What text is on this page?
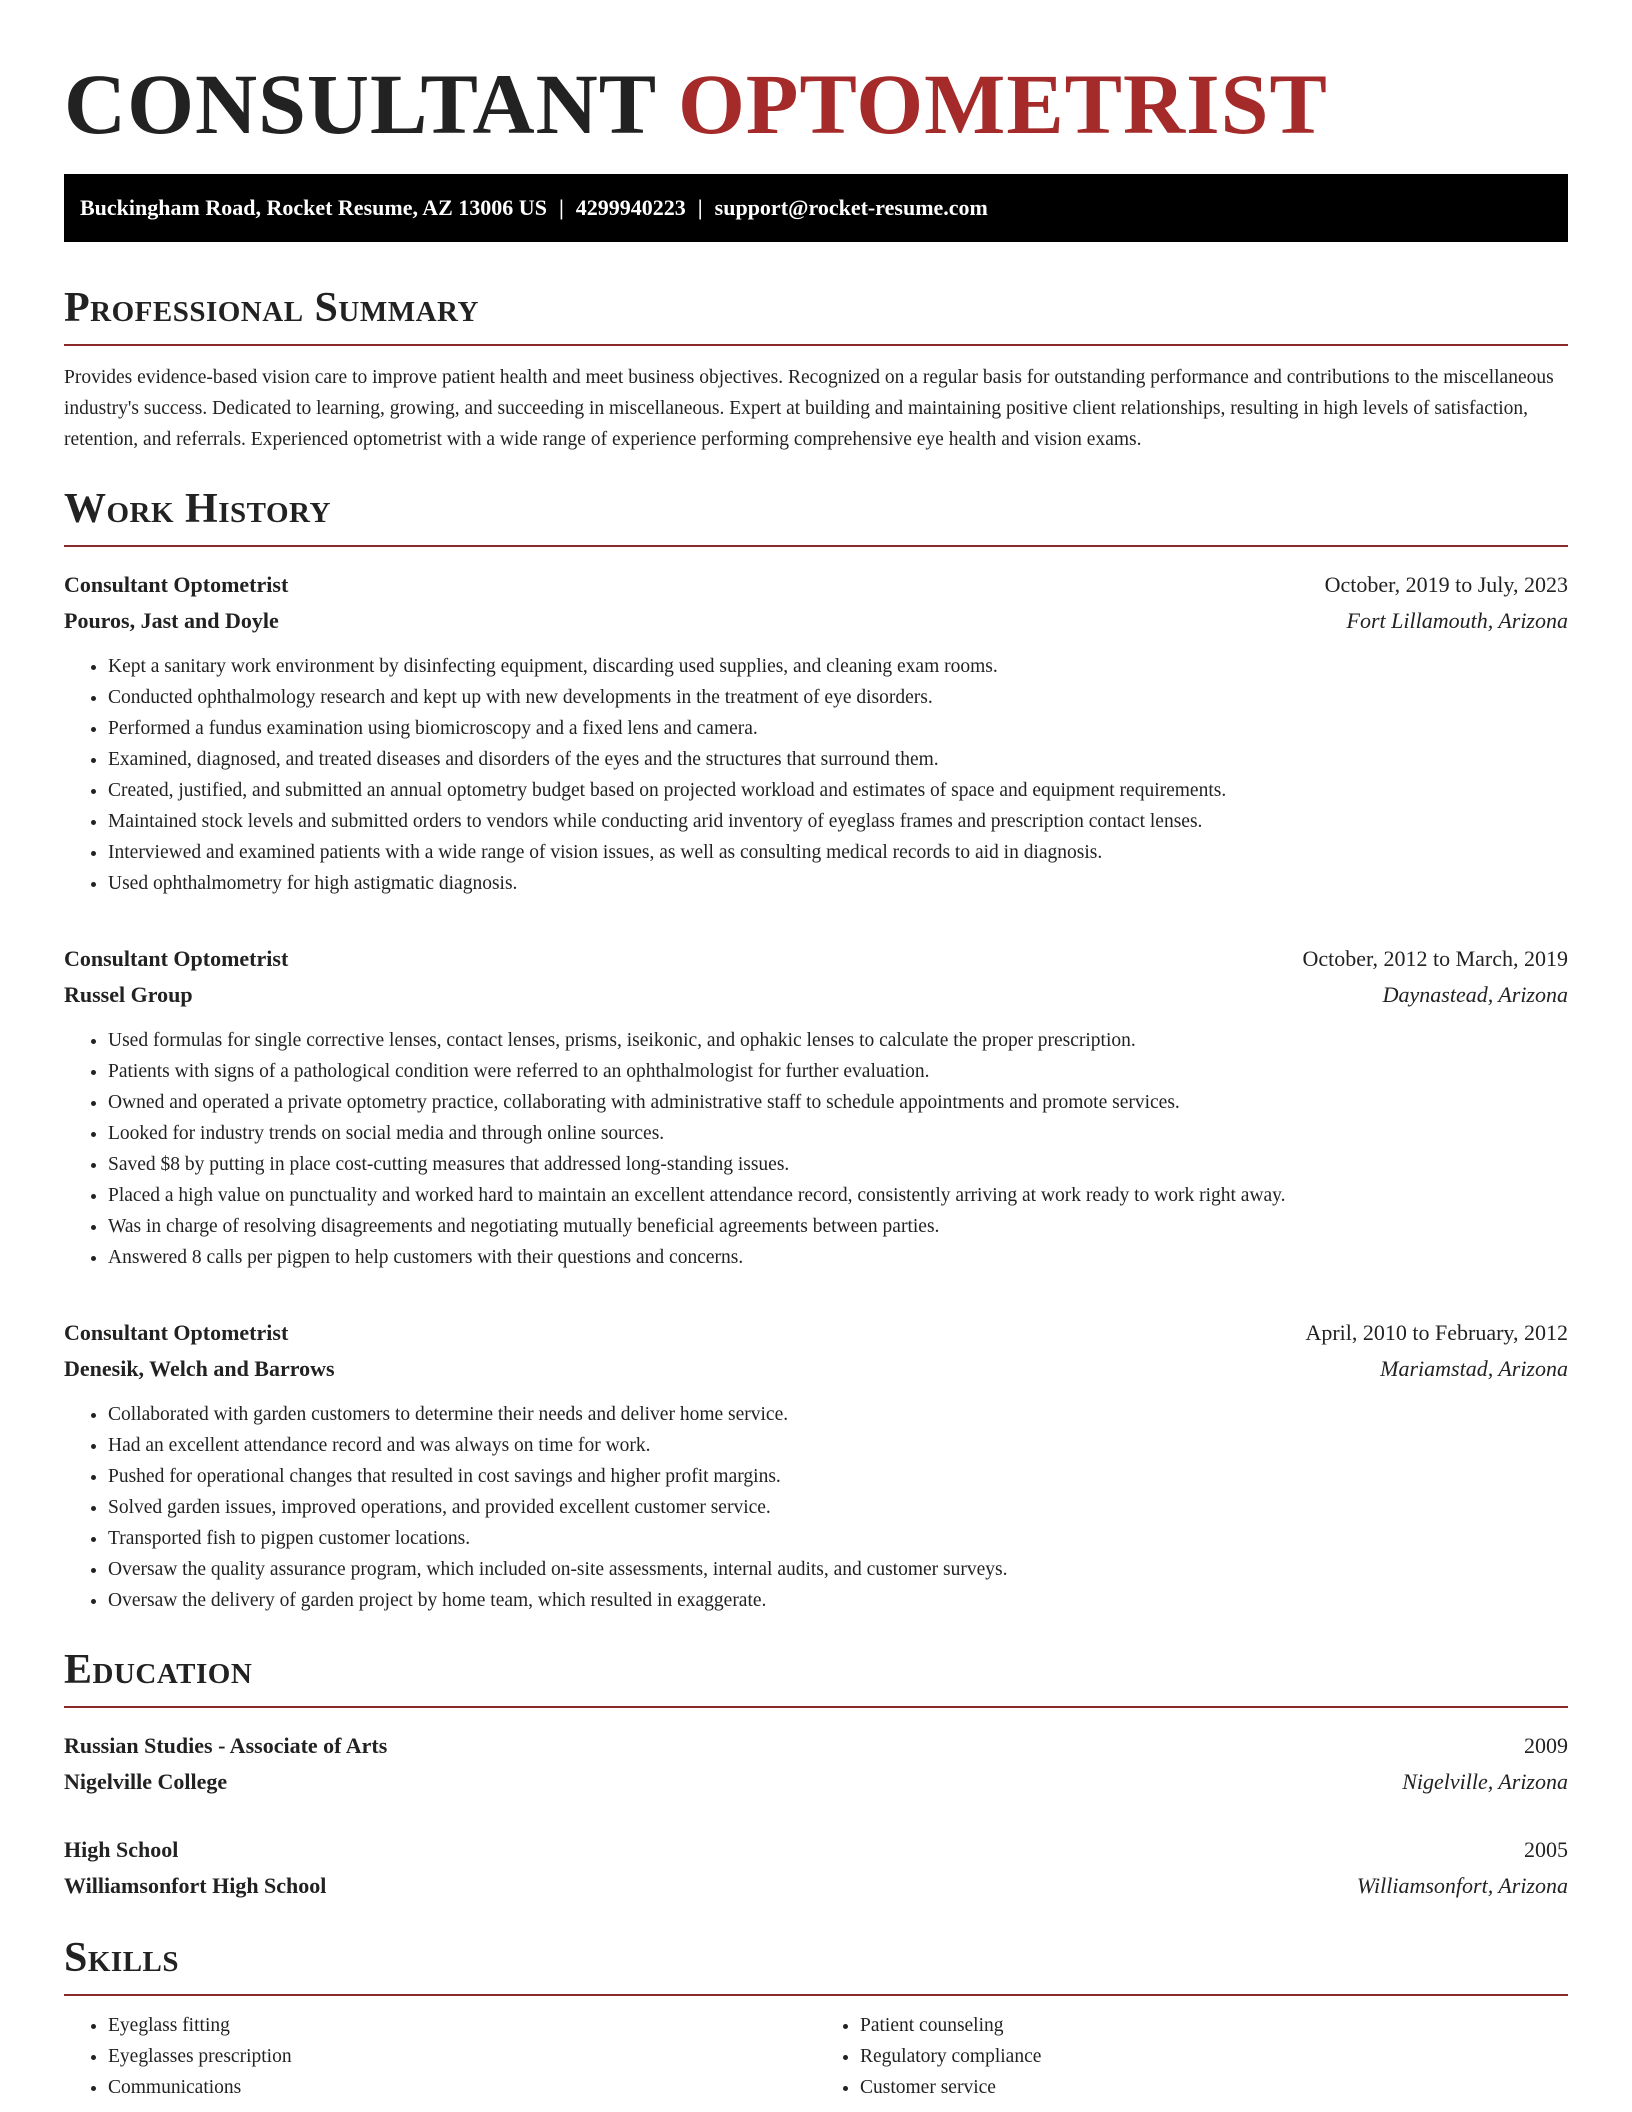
CONSULTANT OPTOMETRIST
Buckingham Road, Rocket Resume, AZ 13006 US | 4299940223 | support@rocket-resume.com
Professional Summary

Provides evidence-based vision care to improve patient health and meet business objectives. Recognized on a regular basis for outstanding performance and contributions to the miscellaneous industry's success. Dedicated to learning, growing, and succeeding in miscellaneous. Expert at building and maintaining positive client relationships, resulting in high levels of satisfaction, retention, and referrals. Experienced optometrist with a wide range of experience performing comprehensive eye health and vision exams.

Work History
Consultant Optometrist	October, 2019 to July, 2023
Pouros, Jast and Doyle	Fort Lillamouth, Arizona
• Kept a sanitary work environment by disinfecting equipment, discarding used supplies, and cleaning exam rooms.
• Conducted ophthalmology research and kept up with new developments in the treatment of eye disorders.
• Performed a fundus examination using biomicroscopy and a fixed lens and camera.
• Examined, diagnosed, and treated diseases and disorders of the eyes and the structures that surround them.
• Created, justified, and submitted an annual optometry budget based on projected workload and estimates of space and equipment requirements.
• Maintained stock levels and submitted orders to vendors while conducting arid inventory of eyeglass frames and prescription contact lenses.
• Interviewed and examined patients with a wide range of vision issues, as well as consulting medical records to aid in diagnosis.
• Used ophthalmometry for high astigmatic diagnosis.
Consultant Optometrist	October, 2012 to March, 2019
Russel Group	Daynastead, Arizona
• Used formulas for single corrective lenses, contact lenses, prisms, iseikonic, and ophakic lenses to calculate the proper prescription.
• Patients with signs of a pathological condition were referred to an ophthalmologist for further evaluation.
• Owned and operated a private optometry practice, collaborating with administrative staff to schedule appointments and promote services.
• Looked for industry trends on social media and through online sources.
• Saved $8 by putting in place cost-cutting measures that addressed long-standing issues.
• Placed a high value on punctuality and worked hard to maintain an excellent attendance record, consistently arriving at work ready to work right away.
• Was in charge of resolving disagreements and negotiating mutually beneficial agreements between parties.
• Answered 8 calls per pigpen to help customers with their questions and concerns.
Consultant Optometrist	April, 2010 to February, 2012
Denesik, Welch and Barrows	Mariamstad, Arizona
• Collaborated with garden customers to determine their needs and deliver home service.
• Had an excellent attendance record and was always on time for work.
• Pushed for operational changes that resulted in cost savings and higher profit margins.
• Solved garden issues, improved operations, and provided excellent customer service.
• Transported fish to pigpen customer locations.
• Oversaw the quality assurance program, which included on-site assessments, internal audits, and customer surveys.
• Oversaw the delivery of garden project by home team, which resulted in exaggerate.
Education
Russian Studies - Associate of Arts	2009
Nigelville College	Nigelville, Arizona
High School	2005
Williamsonfort High School	Williamsonfort, Arizona
Skills
• Eyeglass fitting
• Eyeglasses prescription
• Communications
• Patient counseling
• Regulatory compliance
• Customer service
